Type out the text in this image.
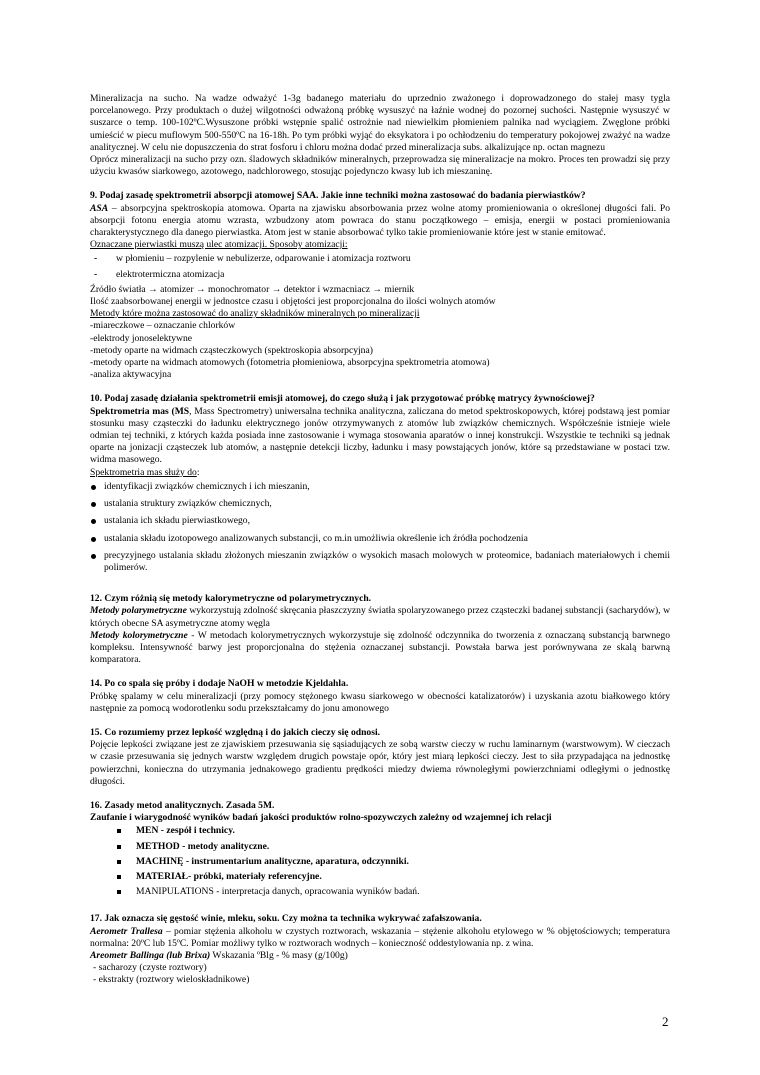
Mineralizacja na sucho. Na wadze odważyć 1-3g badanego materiału do uprzednio zważonego i doprowadzonego do stałej masy tygla porcelanowego. Przy produktach o dużej wilgotności odważoną próbkę wysuszyć na łaźnie wodnej do pozornej suchości. Następnie wysuszyć w suszarce o temp. 100-102ºC.Wysuszone próbki wstępnie spalić ostrożnie nad niewielkim płomieniem palnika nad wyciągiem. Zwęglone próbki umieścić w piecu muflowym 500-550ºC na 16-18h. Po tym próbki wyjąć do eksykatora i po ochłodzeniu do temperatury pokojowej zważyć na wadze analitycznej. W celu nie dopuszczenia do strat fosforu i chloru można dodać przed mineralizacja subs. alkalizujące np. octan magnezu

Oprócz mineralizacji na sucho przy ozn. śladowych składników mineralnych, przeprowadza się mineralizacje na mokro. Proces ten prowadzi się przy użyciu kwasów siarkowego, azotowego, nadchlorowego, stosując pojedynczo kwasy lub ich mieszaninę.

9. Podaj zasadę spektrometrii absorpcji atomowej SAA. Jakie inne techniki można zastosować do badania pierwiastków?

ASA – absorpcyjna spektroskopia atomowa. Oparta na zjawisku absorbowania przez wolne atomy promieniowania o określonej długości fali. Po absorpcji fotonu energia atomu wzrasta, wzbudzony atom powraca do stanu początkowego – emisja, energii w postaci promieniowania charakterystycznego dla danego pierwiastka. Atom jest w stanie absorbować tylko takie promieniowanie które jest w stanie emitować.

Oznaczane pierwiastki muszą ulec atomizacji. Sposoby atomizacji:

- w płomieniu – rozpylenie w nebulizerze, odparowanie i atomizacja roztworu
- elektrotermiczna atomizacja

Źródło światła → atomizer → monochromator → detektor i wzmacniacz → miernik

Ilość zaabsorbowanej energii w jednostce czasu i objętości jest proporcjonalna do ilości wolnych atomów

Metody które można zastosować do analizy składników mineralnych po mineralizacji

-miareczkowe – oznaczanie chlorków

-elektrody jonoselektywne

-metody oparte na widmach cząsteczkowych (spektroskopia absorpcyjna)

-metody oparte na widmach atomowych (fotometria płomieniowa, absorpcyjna spektrometria atomowa)

-analiza aktywacyjna

10. Podaj zasadę działania spektrometrii emisji atomowej, do czego służą i jak przygotować próbkę matrycy żywnościowej?

Spektrometria mas (MS, Mass Spectrometry) uniwersalna technika analityczna, zaliczana do metod spektroskopowych, której podstawą jest pomiar stosunku masy cząsteczki do ładunku elektrycznego jonów otrzymywanych z atomów lub związków chemicznych. Współcześnie istnieje wiele odmian tej techniki, z których każda posiada inne zastosowanie i wymaga stosowania aparatów o innej konstrukcji. Wszystkie te techniki są jednak oparte na jonizacji cząsteczek lub atomów, a następnie detekcji liczby, ładunku i masy powstających jonów, które są przedstawiane w postaci tzw. widma masowego.

Spektrometria mas służy do:

identyfikacji związków chemicznych i ich mieszanin,
ustalania struktury związków chemicznych,
ustalania ich składu pierwiastkowego,
ustalania składu izotopowego analizowanych substancji, co m.in umożliwia określenie ich źródła pochodzenia
precyzyjnego ustalania składu złożonych mieszanin związków o wysokich masach molowych w proteomice, badaniach materiałowych i chemii polimerów.

12. Czym różnią się metody kalorymetryczne od polarymetrycznych.

Metody polarymetryczne wykorzystują zdolność skręcania płaszczyzny światła spolaryzowanego przez cząsteczki badanej substancji (sacharydów), w których obecne SA asymetryczne atomy węgla

Metody kolorymetryczne - W metodach kolorymetrycznych wykorzystuje się zdolność odczynnika do tworzenia z oznaczaną substancją barwnego kompleksu. Intensywność barwy jest proporcjonalna do stężenia oznaczanej substancji. Powstała barwa jest porównywana ze skalą barwną komparatora.

14. Po co spala się próby i dodaje NaOH w metodzie Kjeldahla.

Próbkę spalamy w celu mineralizacji (przy pomocy stężonego kwasu siarkowego w obecności katalizatorów) i uzyskania azotu białkowego który następnie za pomocą wodorotlenku sodu przekształcamy do jonu amonowego

15. Co rozumiemy przez lepkość względną i do jakich cieczy się odnosi.

Pojęcie lepkości związane jest ze zjawiskiem przesuwania się sąsiadujących ze sobą warstw cieczy w ruchu laminarnym (warstwowym). W cieczach w czasie przesuwania się jednych warstw względem drugich powstaje opór, który jest miarą lepkości cieczy. Jest to siła przypadająca na jednostkę powierzchni, konieczna do utrzymania jednakowego gradientu prędkości miedzy dwiema równoległymi powierzchniami odległymi o jednostkę długości.

16. Zasady metod analitycznych. Zasada 5M.

Zaufanie i wiarygodność wyników badań jakości produktów rolno-spozywczych zależny od wzajemnej ich relacji

MEN - zespół i technicy.
METHOD - metody analityczne.
MACHINĘ - instrumentarium analityczne, aparatura, odczynniki.
MATERIAŁ- próbki, materiały referencyjne.
MANIPULATIONS - interpretacja danych, opracowania wyników badań.

17. Jak oznacza się gęstość winie, mleku, soku. Czy można ta technika wykrywać zafałszowania.

Aerometr Trallesa – pomiar stężenia alkoholu w czystych roztworach, wskazania – stężenie alkoholu etylowego w % objętościowych; temperatura normalna: 20ºC lub 15ºC. Pomiar możliwy tylko w roztworach wodnych – konieczność oddestylowania np. z wina.

Areometr Ballinga (lub Brixa) Wskazania ºBlg - % masy (g/100g)

- sacharozy (czyste roztwory)

- ekstrakty (roztwory wieloskładnikowe)

2
